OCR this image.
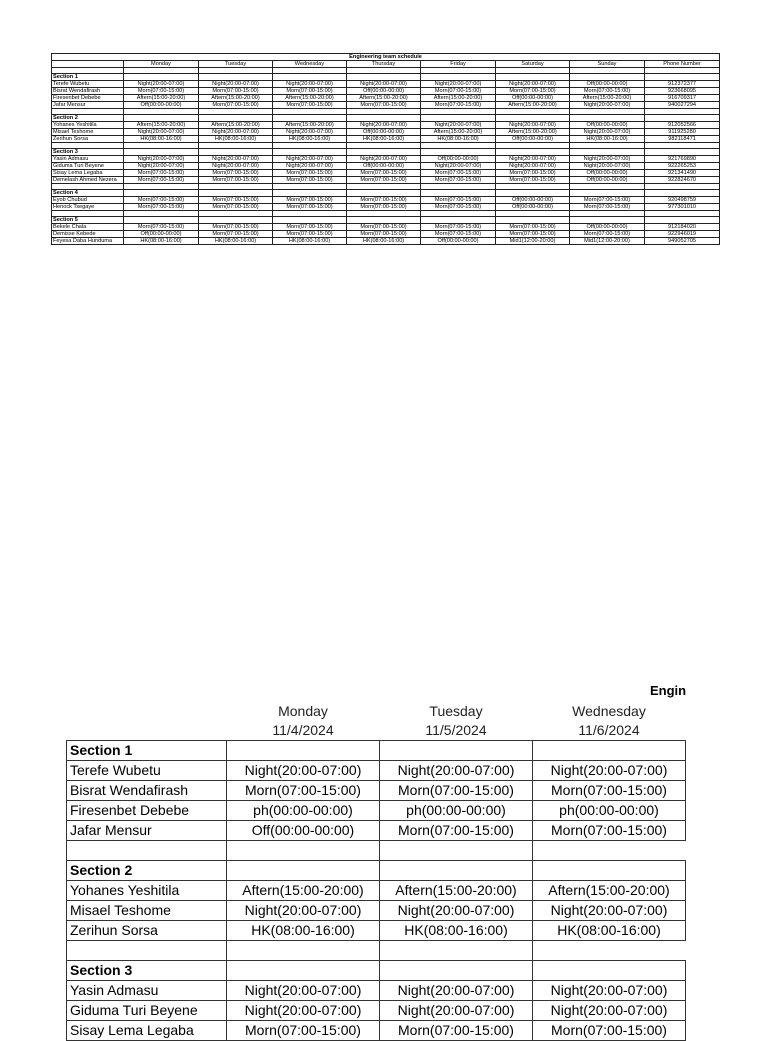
Engineering team schedule								
	Monday	Tuesday	Wednesday	Thursday	Friday	Saturday	Sunday	Phone Number

Section 1								
Terefe Wubetu	Night(20:00-07:00)	Night(20:00-07:00)	Night(20:00-07:00)	Night(20:00-07:00)	Night(20:00-07:00)	Night(20:00-07:00)	Off(00:00-00:00)	912372377
Bisrat Wendafirash	Morn(07:00-15:00)	Morn(07:00-15:00)	Morn(07:00-15:00)	Off(00:00-00:00)	Morn(07:00-15:00)	Morn(07:00-15:00)	Morn(07:00-15:00)	923668095
Firesenbet Debebe	Aftern(15:00-20:00)	Aftern(15:00-20:00)	Aftern(15:00-20:00)	Aftern(15:00-20:00)	Aftern(15:00-20:00)	Off(00:00-00:00)	Aftern(15:00-20:00)	916709317
Jafar Mensur	Off(00:00-00:00)	Morn(07:00-15:00)	Morn(07:00-15:00)	Morn(07:00-15:00)	Morn(07:00-15:00)	Aftern(15:00-20:00)	Night(20:00-07:00)	940027294

Section 2								
Yohanes Yeshitila	Aftern(15:00-20:00)	Aftern(15:00-20:00)	Aftern(15:00-20:00)	Night(20:00-07:00)	Night(20:00-07:00)	Night(20:00-07:00)	Off(00:00-00:00)	912052566
Misael Teshome	Night(20:00-07:00)	Night(20:00-07:00)	Night(20:00-07:00)	Off(00:00-00:00)	Aftern(15:00-20:00)	Aftern(15:00-20:00)	Night(20:00-07:00)	911925280
Zerihun Sorsa	HK(08:00-16:00)	HK(08:00-16:00)	HK(08:00-16:00)	HK(08:00-16:00)	HK(08:00-16:00)	Off(00:00-00:00)	HK(08:00-16:00)	982118471

Section 3								
Yasin Admasu	Night(20:00-07:00)	Night(20:00-07:00)	Night(20:00-07:00)	Night(20:00-07:00)	Off(00:00-00:00)	Night(20:00-07:00)	Night(20:00-07:00)	921769890
Giduma Turi Beyene	Night(20:00-07:00)	Night(20:00-07:00)	Night(20:00-07:00)	Off(00:00-00:00)	Night(20:00-07:00)	Night(20:00-07:00)	Night(20:00-07:00)	922265253
Sisay Lema Legaba	Morn(07:00-15:00)	Morn(07:00-15:00)	Morn(07:00-15:00)	Morn(07:00-15:00)	Morn(07:00-15:00)	Morn(07:00-15:00)	Off(00:00-00:00)	921341490
Demelash Ahmed Nezera	Morn(07:00-15:00)	Morn(07:00-15:00)	Morn(07:00-15:00)	Morn(07:00-15:00)	Morn(07:00-15:00)	Morn(07:00-15:00)	Off(00:00-00:00)	922824670

Section 4								
Eyob Chubud	Morn(07:00-15:00)	Morn(07:00-15:00)	Morn(07:00-15:00)	Morn(07:00-15:00)	Morn(07:00-15:00)	Off(00:00-00:00)	Morn(07:00-15:00)	920498759
Henock Tsegaye	Morn(07:00-15:00)	Morn(07:00-15:00)	Morn(07:00-15:00)	Morn(07:00-15:00)	Morn(07:00-15:00)	Off(00:00-00:00)	Morn(07:00-15:00)	977301010

Section 5								
Bekele Chala	Morn(07:00-15:00)	Morn(07:00-15:00)	Morn(07:00-15:00)	Morn(07:00-15:00)	Morn(07:00-15:00)	Morn(07:00-15:00)	Off(00:00-00:00)	912184020
Demisse Kebede	Off(00:00-00:00)	Morn(07:00-15:00)	Morn(07:00-15:00)	Morn(07:00-15:00)	Morn(07:00-15:00)	Morn(07:00-15:00)	Morn(07:00-15:00)	922946019
Feyesa Daba Hunduma	HK(08:00-16:00)	HK(08:00-16:00)	HK(08:00-16:00)	HK(08:00-16:00)	Off(00:00-00:00)	Mid1(12:00-20:00)	Mid1(12:00-20:00)	949052705
Engin
	Monday	Tuesday	Wednesday
	11/4/2024	11/5/2024	11/6/2024
Section 1			
Terefe Wubetu	Night(20:00-07:00)	Night(20:00-07:00)	Night(20:00-07:00)
Bisrat Wendafirash	Morn(07:00-15:00)	Morn(07:00-15:00)	Morn(07:00-15:00)
Firesenbet Debebe	ph(00:00-00:00)	ph(00:00-00:00)	ph(00:00-00:00)
Jafar Mensur	Off(00:00-00:00)	Morn(07:00-15:00)	Morn(07:00-15:00)

Section 2			
Yohanes Yeshitila	Aftern(15:00-20:00)	Aftern(15:00-20:00)	Aftern(15:00-20:00)
Misael Teshome	Night(20:00-07:00)	Night(20:00-07:00)	Night(20:00-07:00)
Zerihun Sorsa	HK(08:00-16:00)	HK(08:00-16:00)	HK(08:00-16:00)

Section 3			
Yasin Admasu	Night(20:00-07:00)	Night(20:00-07:00)	Night(20:00-07:00)
Giduma Turi Beyene	Night(20:00-07:00)	Night(20:00-07:00)	Night(20:00-07:00)
Sisay Lema Legaba	Morn(07:00-15:00)	Morn(07:00-15:00)	Morn(07:00-15:00)
